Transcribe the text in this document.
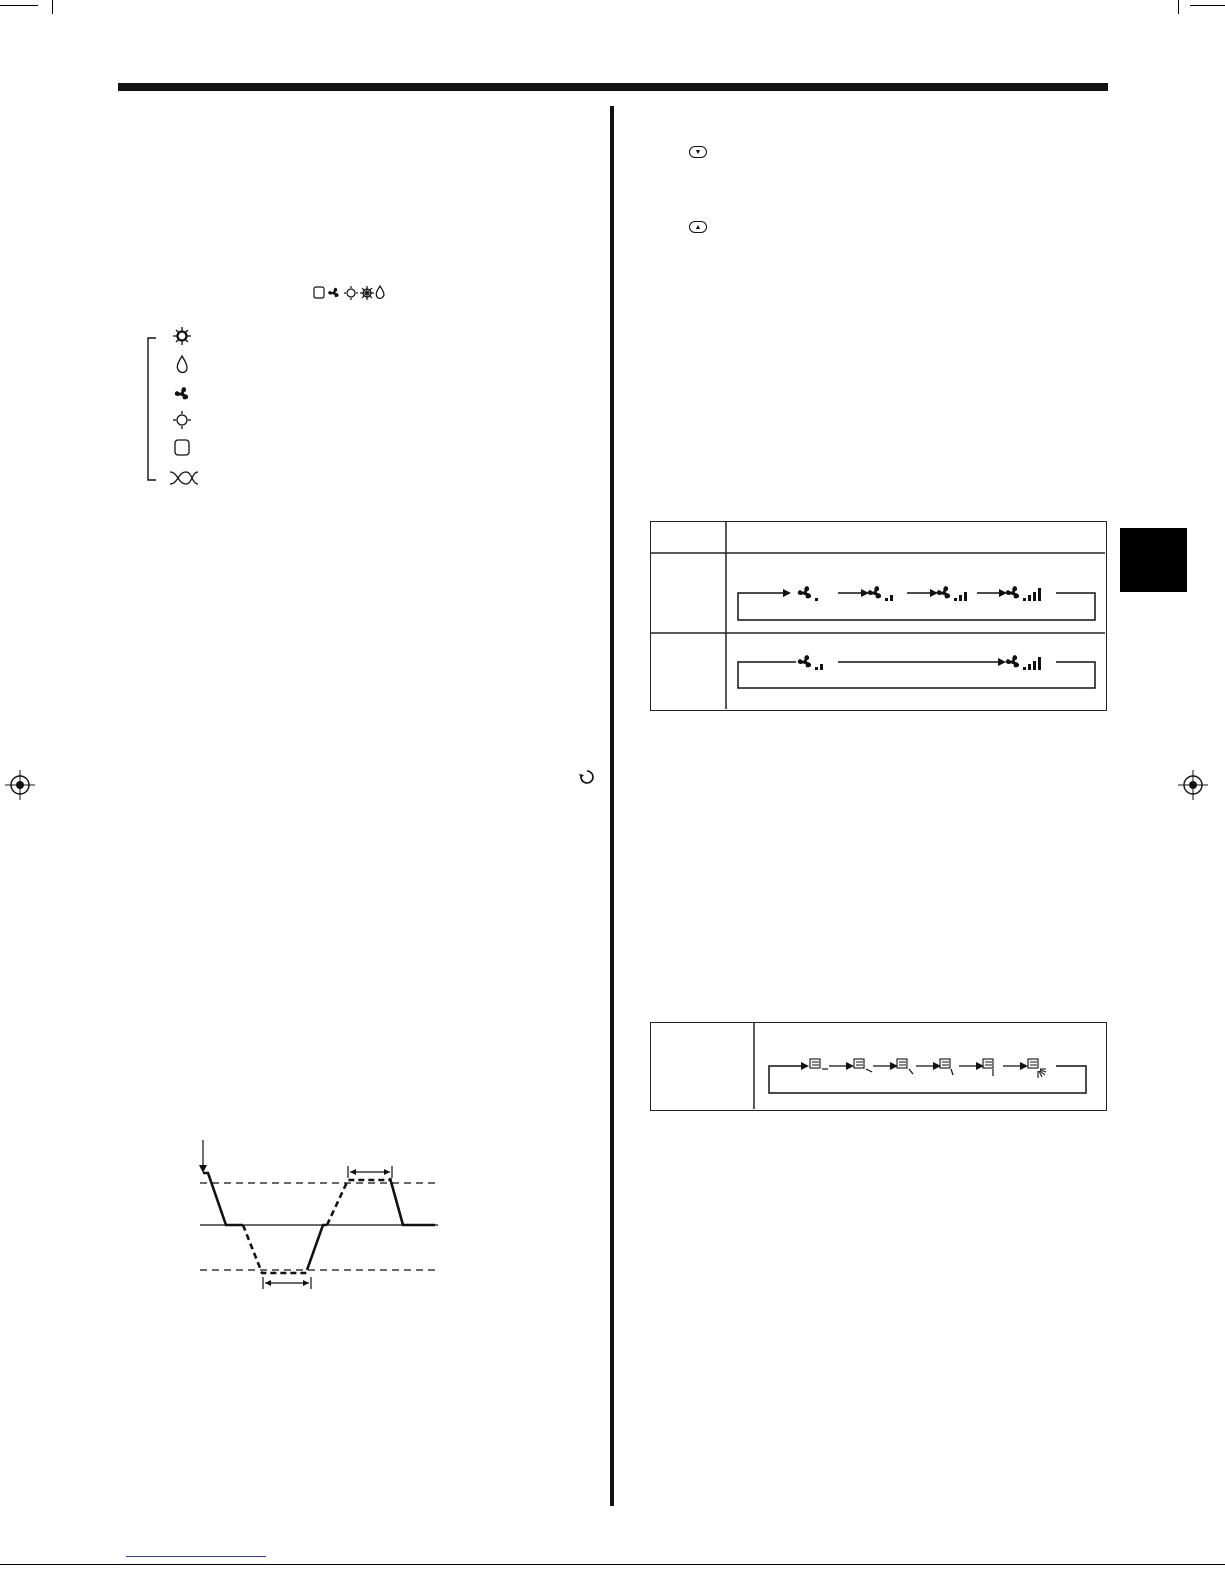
▼
▲
